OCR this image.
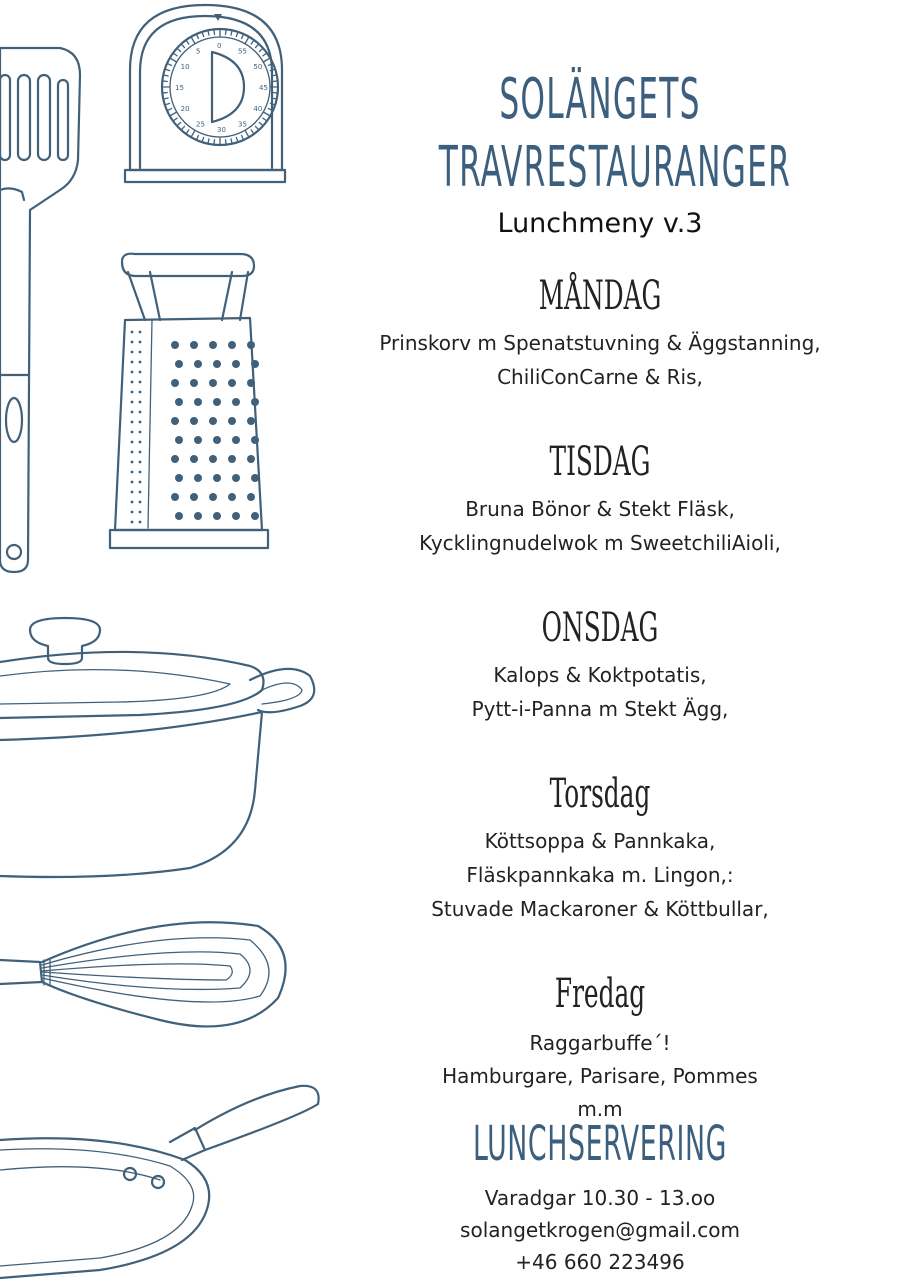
0
55
50
45
40
35
30
25
20
15
10
5
SOLÄNGETS
TRAVRESTAURANGER
Lunchmeny v.3
MÅNDAG
Prinskorv m Spenatstuvning & Äggstanning,
ChiliConCarne & Ris,
TISDAG
Bruna Bönor & Stekt Fläsk,
Kycklingnudelwok m SweetchiliAioli,
ONSDAG
Kalops & Koktpotatis,
Pytt-i-Panna m Stekt Ägg,
Torsdag
Köttsoppa & Pannkaka,
Fläskpannkaka m. Lingon,:
Stuvade Mackaroner & Köttbullar,
Fredag
Raggarbuffe´!
Hamburgare, Parisare, Pommes
m.m
LUNCHSERVERING
Varadgar 10.30 - 13.oo
solangetkrogen@gmail.com
+46 660 223496
